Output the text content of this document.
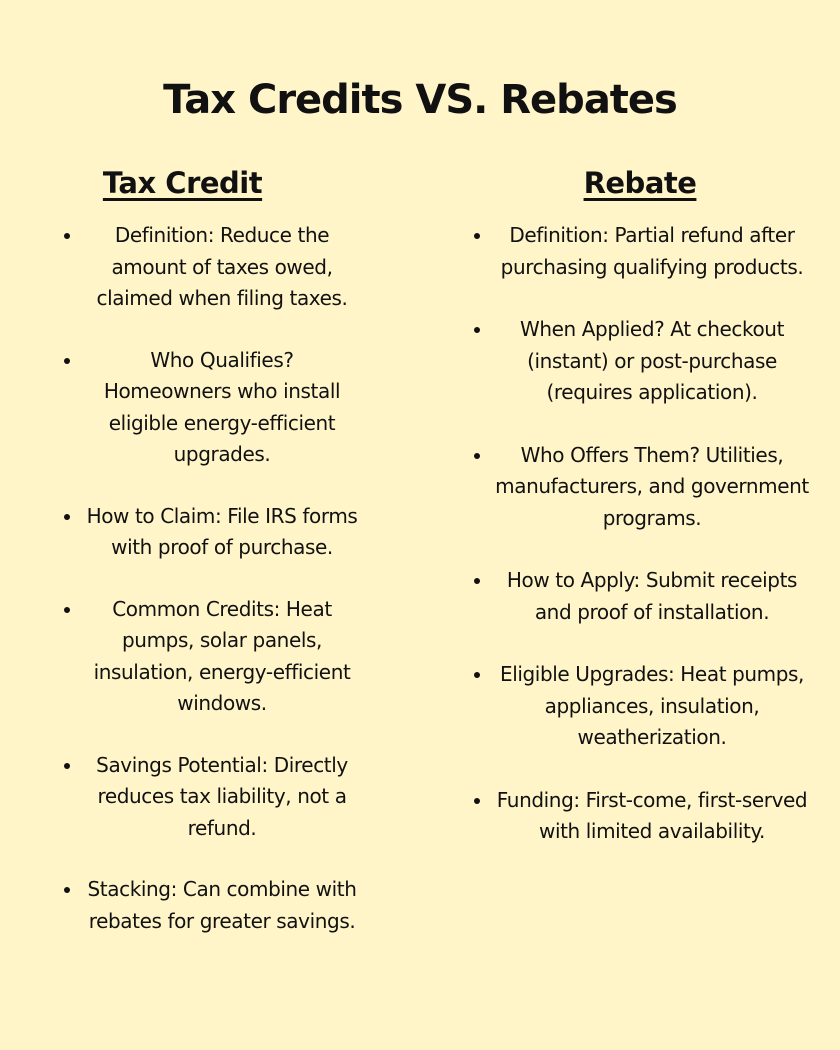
Tax Credits VS. Rebates
Tax Credit
Definition: Reduce the amount of taxes owed, claimed when filing taxes.
Who Qualifies? Homeowners who install eligible energy-efficient upgrades.
How to Claim: File IRS forms with proof of purchase.
Common Credits: Heat pumps, solar panels, insulation, energy-efficient windows.
Savings Potential: Directly reduces tax liability, not a refund.
Stacking: Can combine with rebates for greater savings.
Rebate
Definition: Partial refund after purchasing qualifying products.
When Applied? At checkout (instant) or post-purchase (requires application).
Who Offers Them? Utilities, manufacturers, and government programs.
How to Apply: Submit receipts and proof of installation.
Eligible Upgrades: Heat pumps, appliances, insulation, weatherization.
Funding: First-come, first-served with limited availability.
